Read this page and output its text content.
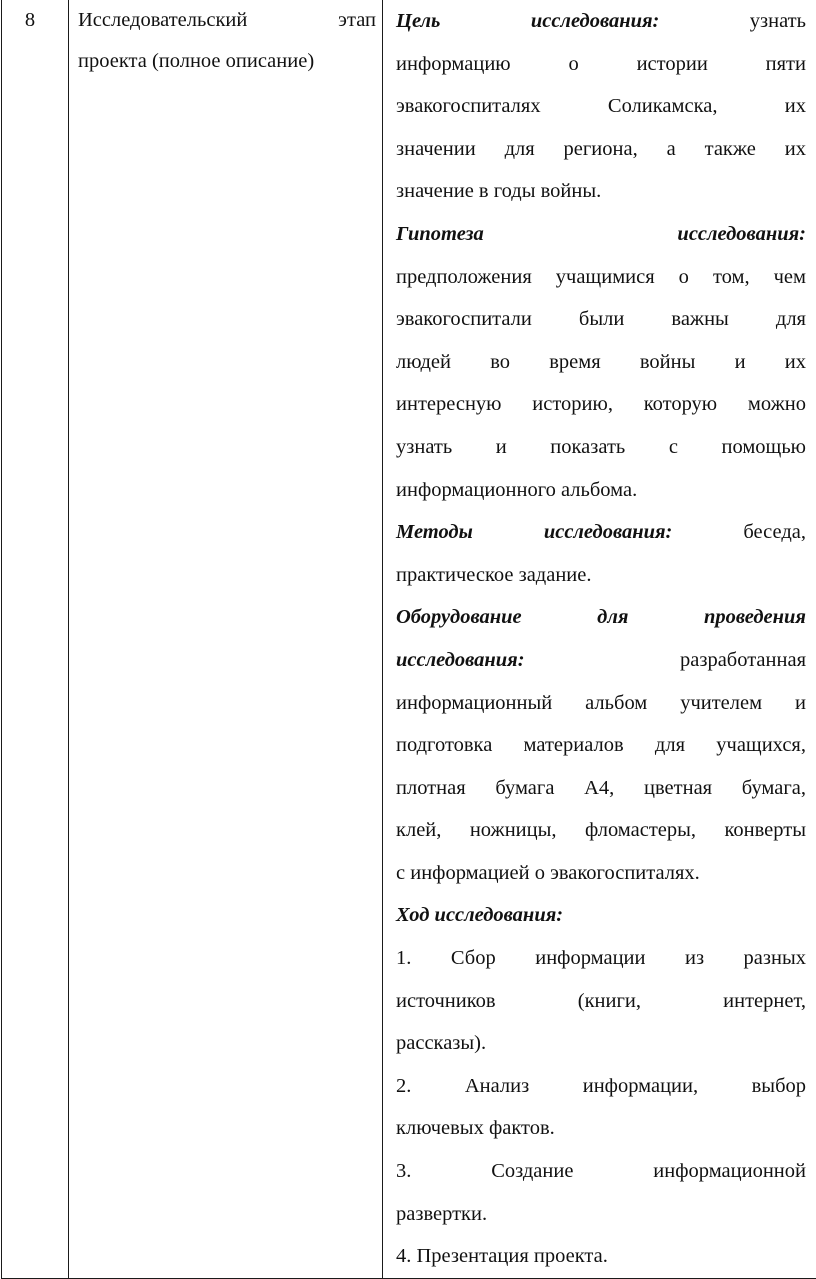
8	Исследовательский этап
проекта (полное описание)

Цель исследования:	узнать
информацию о истории пяти
эвакогоспиталях Соликамска, их
значении для региона, а также их
значение в годы войны.
Гипотеза исследования:
предположения учащимися о том, чем
эвакогоспитали были важны для
людей во время войны и их
интересную историю, которую можно
узнать и показать с помощью
информационного альбома.
Методы исследования:	беседа,
практическое задание.
Оборудование для проведения
исследования:	разработанная
информационный альбом учителем и
подготовка материалов для учащихся,
плотная бумага А4, цветная бумага,
клей, ножницы, фломастеры, конверты
с информацией о эвакогоспиталях.
Ход исследования:
1. Сбор информации из разных
источников (книги, интернет,
рассказы).
2. Анализ информации, выбор
ключевых фактов.
3. Создание информационной
развертки.
4. Презентация проекта.
